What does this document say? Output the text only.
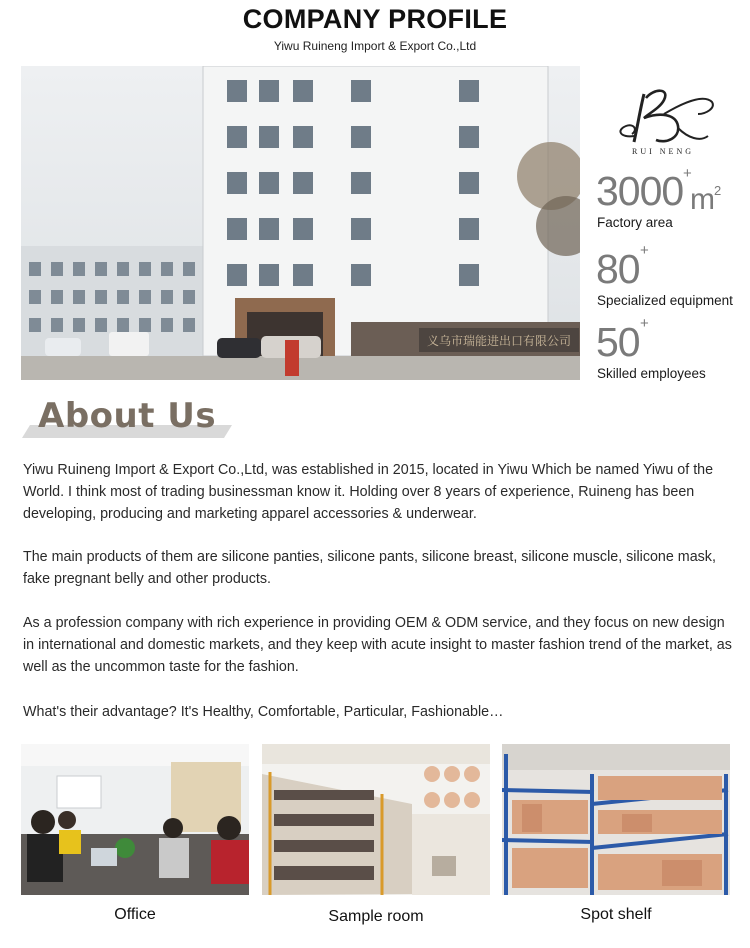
COMPANY PROFILE
Yiwu Ruineng Import & Export Co.,Ltd
义乌市瑞能进出口有限公司
RUI NENG
3000 +
m 2
Factory area
80 +
Specialized equipment
50 +
Skilled employees
About Us
Yiwu Ruineng Import & Export Co.,Ltd, was established in 2015, located in Yiwu Which be named Yiwu of the World. I think most of trading businessman know it. Holding over 8 years of experience, Ruineng has been developing, producing and marketing apparel accessories & underwear.
The main products of them are silicone panties, silicone pants, silicone breast, silicone muscle, silicone mask, fake pregnant belly and other products.
As a profession company with rich experience in providing OEM & ODM service, and they focus on new design in international and domestic markets, and they keep with acute insight to master fashion trend of the market, as well as the uncommon taste for the fashion.
What's their advantage? It's Healthy, Comfortable, Particular, Fashionable…
Office	Sample room	Spot shelf
